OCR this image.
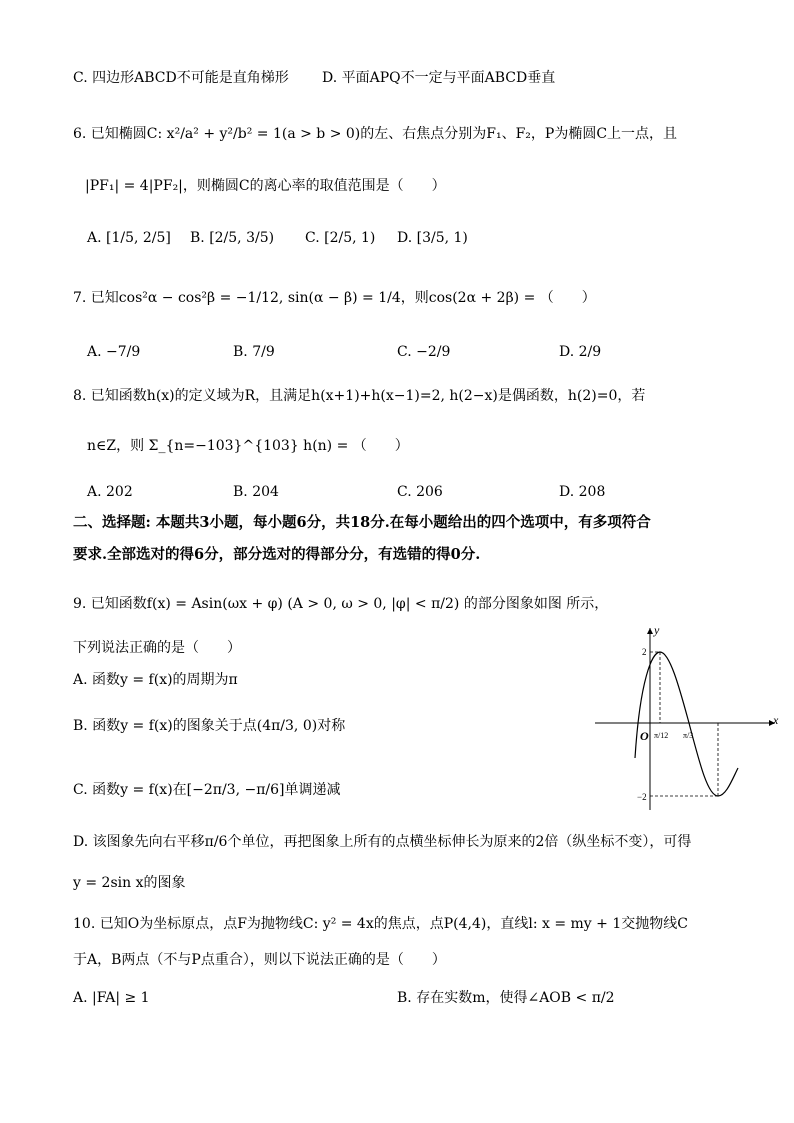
C. 四边形ABCD不可能是直角梯形 D. 平面APQ不一定与平面ABCD垂直
6. 已知椭圆C: x²/a² + y²/b² = 1(a > b > 0)的左、右焦点分别为F₁、F₂，P为椭圆C上一点，且
|PF₁| = 4|PF₂|，则椭圆C的离心率的取值范围是（　　）
A. [1/5, 2/5] B. [2/5, 3/5) C. [2/5, 1) D. [3/5, 1)
7. 已知cos²α − cos²β = −1/12, sin(α − β) = 1/4，则cos(2α + 2β) = （　　）
A. −7/9	B. 7/9	C. −2/9	D. 2/9
8. 已知函数h(x)的定义域为R，且满足h(x+1)+h(x−1)=2, h(2−x)是偶函数，h(2)=0，若
n∈Z，则 Σ_{n=−103}^{103} h(n) = （　　）
A. 202	B. 204	C. 206	D. 208
二、选择题: 本题共3小题，每小题6分，共18分.在每小题给出的四个选项中，有多项符合
要求.全部选对的得6分，部分选对的得部分分，有选错的得0分.
9. 已知函数f(x) = Asin(ωx + φ) (A > 0, ω > 0, |φ| < π/2) 的部分图象如图 所示，
下列说法正确的是（　　）
A. 函数y = f(x)的周期为π
B. 函数y = f(x)的图象关于点(4π/3, 0)对称
C. 函数y = f(x)在[−2π/3, −π/6]单调递减
D. 该图象先向右平移π/6个单位，再把图象上所有的点横坐标伸长为原来的2倍（纵坐标不变），可得
y = 2sin x的图象
x
y
O
2
−2
π/12 π/3
10. 已知O为坐标原点，点F为抛物线C: y² = 4x的焦点，点P(4,4)，直线l: x = my + 1交抛物线C
于A，B两点（不与P点重合），则以下说法正确的是（　　）
A. |FA| ≥ 1	B. 存在实数m，使得∠AOB < π/2
